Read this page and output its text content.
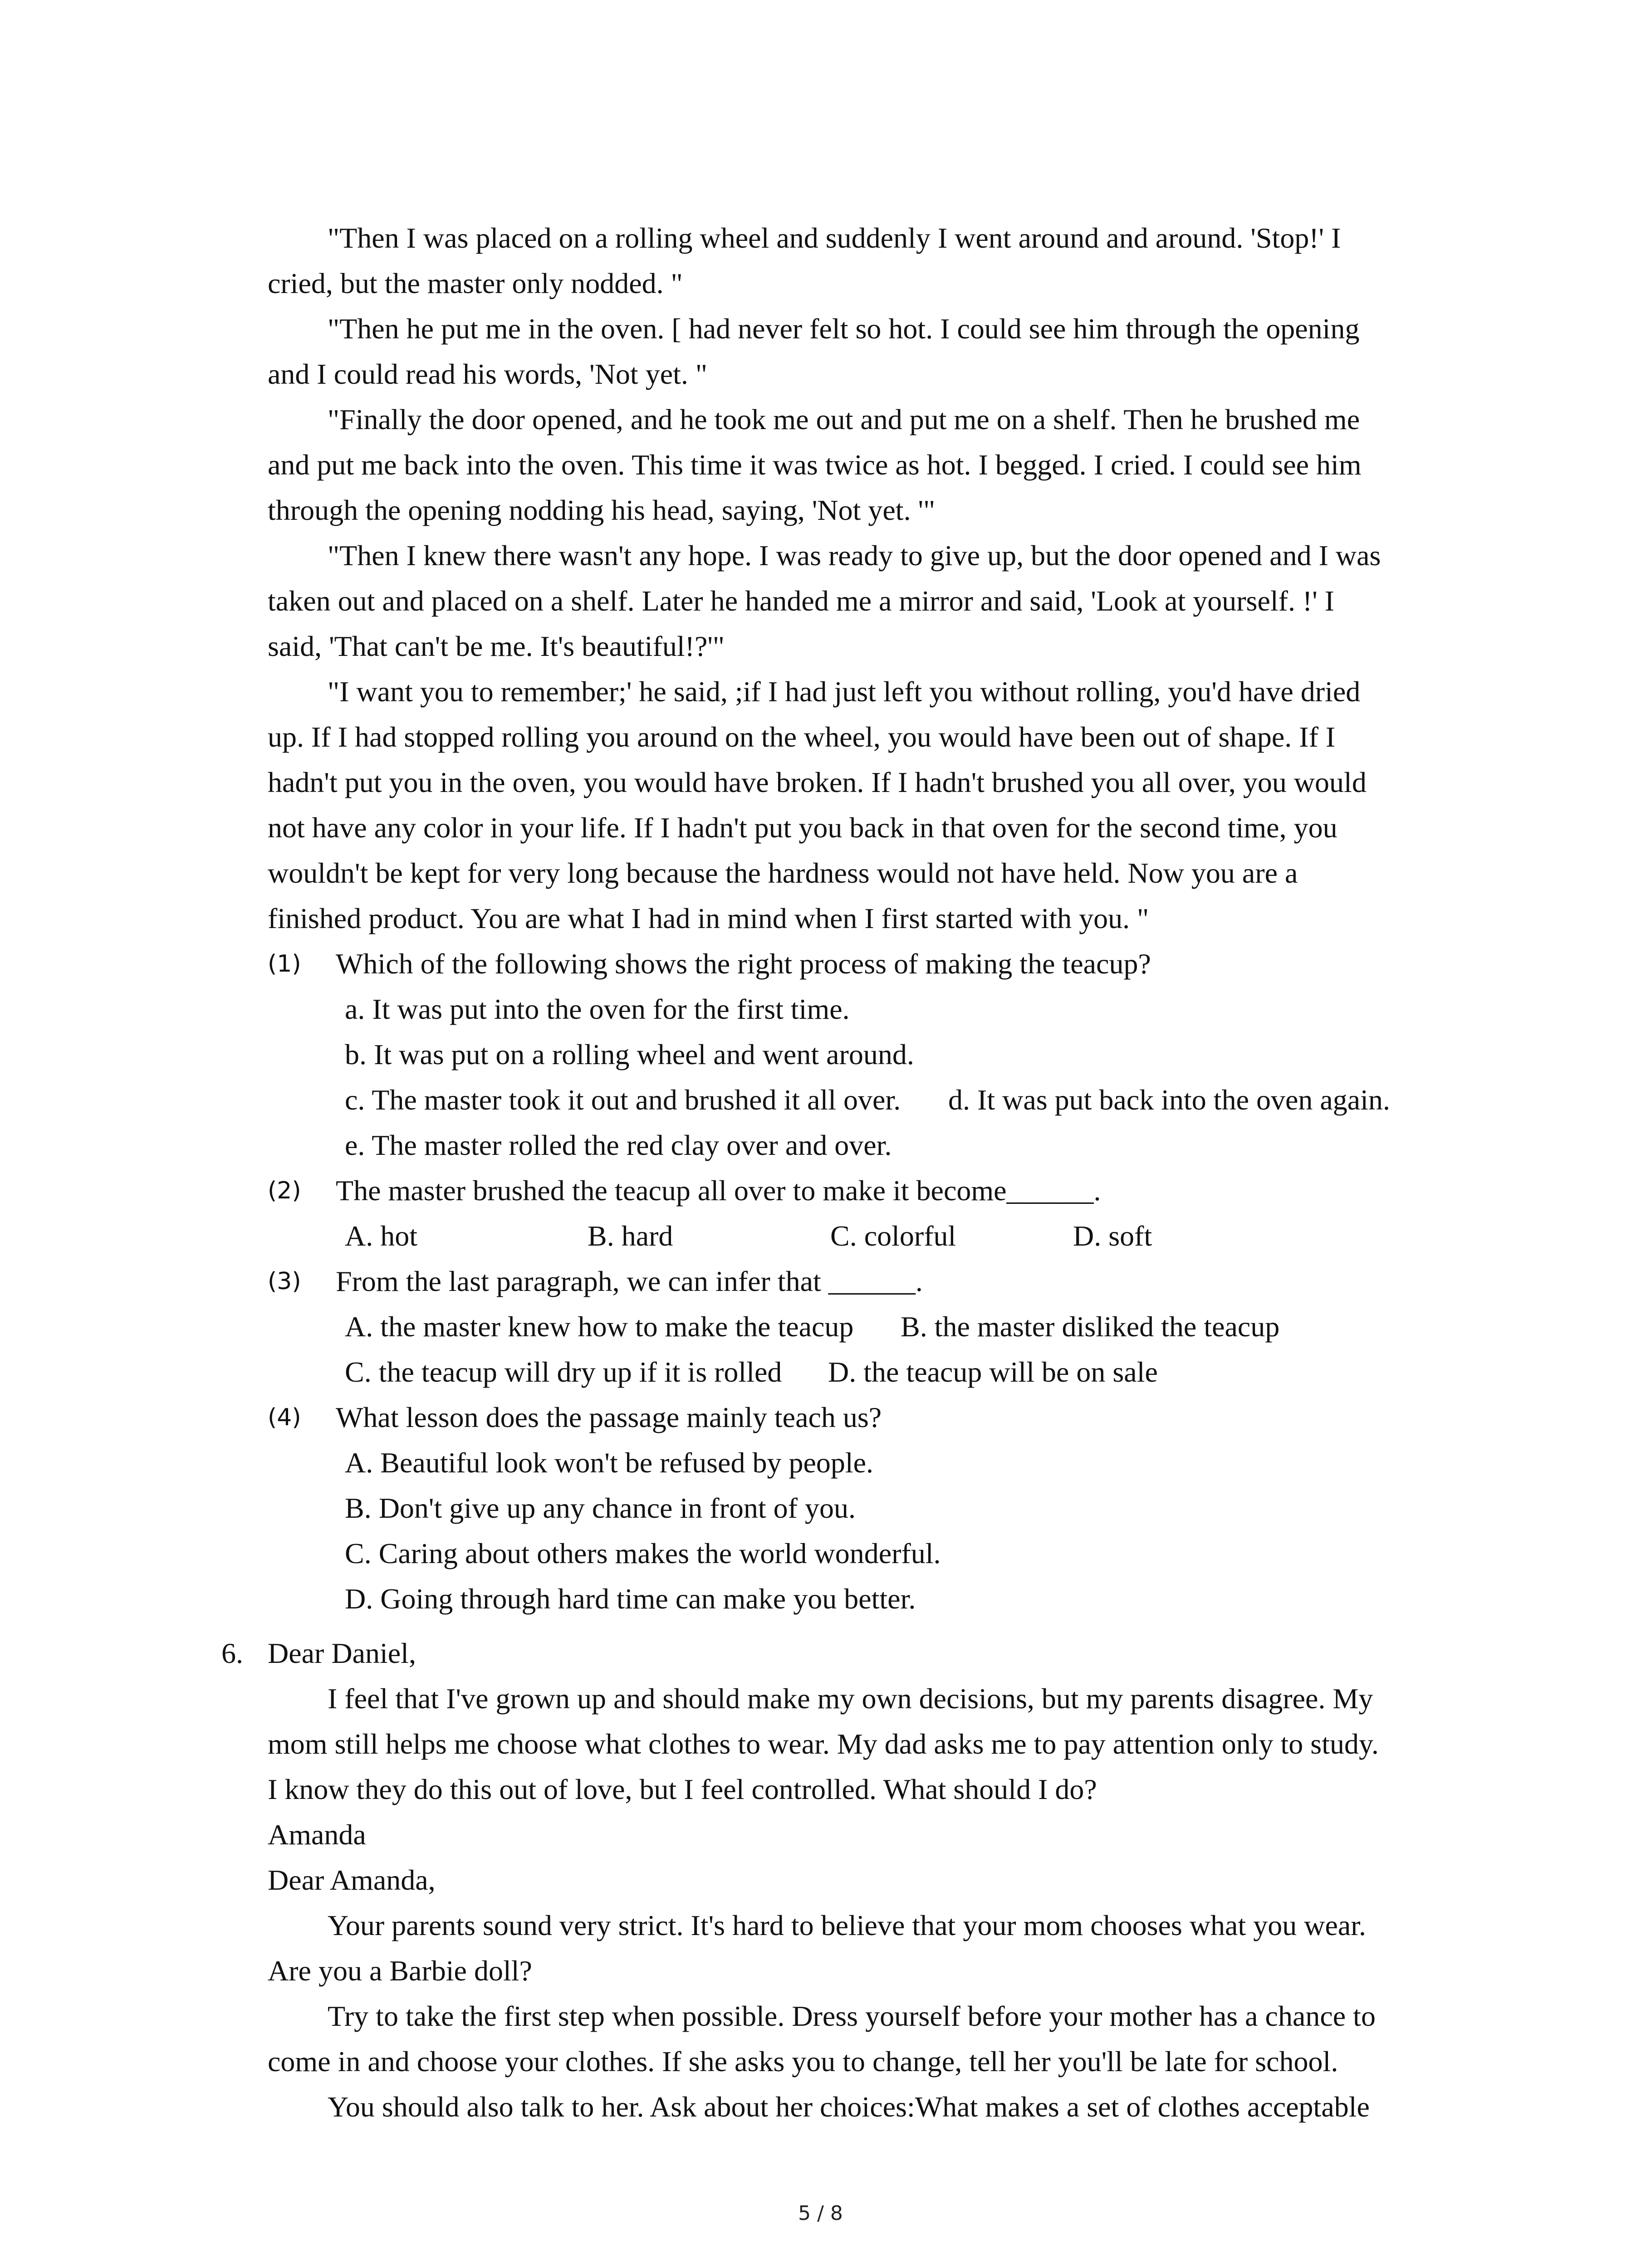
"Then I was placed on a rolling wheel and suddenly I went around and around. 'Stop!' I
cried, but the master only nodded. "
"Then he put me in the oven. [ had never felt so hot. I could see him through the opening
and I could read his words, 'Not yet. "
"Finally the door opened, and he took me out and put me on a shelf. Then he brushed me
and put me back into the oven. This time it was twice as hot. I begged. I cried. I could see him
through the opening nodding his head, saying, 'Not yet. '"
"Then I knew there wasn't any hope. I was ready to give up, but the door opened and I was
taken out and placed on a shelf. Later he handed me a mirror and said, 'Look at yourself. !' I
said, 'That can't be me. It's beautiful!?'"
"I want you to remember;' he said, ;if I had just left you without rolling, you'd have dried
up. If I had stopped rolling you around on the wheel, you would have been out of shape. If I
hadn't put you in the oven, you would have broken. If I hadn't brushed you all over, you would
not have any color in your life. If I hadn't put you back in that oven for the second time, you
wouldn't be kept for very long because the hardness would not have held. Now you are a
finished product. You are what I had in mind when I first started with you. "
(1) Which of the following shows the right process of making the teacup?
a. It was put into the oven for the first time.
b. It was put on a rolling wheel and went around.
c. The master took it out and brushed it all over. d. It was put back into the oven again.
e. The master rolled the red clay over and over.
(2) The master brushed the teacup all over to make it become______.
A. hot	B. hard	C. colorful	D. soft
(3) From the last paragraph, we can infer that ______.
A. the master knew how to make the teacup B. the master disliked the teacup
C. the teacup will dry up if it is rolled D. the teacup will be on sale
(4) What lesson does the passage mainly teach us?
A. Beautiful look won't be refused by people.
B. Don't give up any chance in front of you.
C. Caring about others makes the world wonderful.
D. Going through hard time can make you better.
6. Dear Daniel,
I feel that I've grown up and should make my own decisions, but my parents disagree. My
mom still helps me choose what clothes to wear. My dad asks me to pay attention only to study.
I know they do this out of love, but I feel controlled. What should I do?
Amanda
Dear Amanda,
Your parents sound very strict. It's hard to believe that your mom chooses what you wear.
Are you a Barbie doll?
Try to take the first step when possible. Dress yourself before your mother has a chance to
come in and choose your clothes. If she asks you to change, tell her you'll be late for school.
You should also talk to her. Ask about her choices:What makes a set of clothes acceptable
5 / 8
